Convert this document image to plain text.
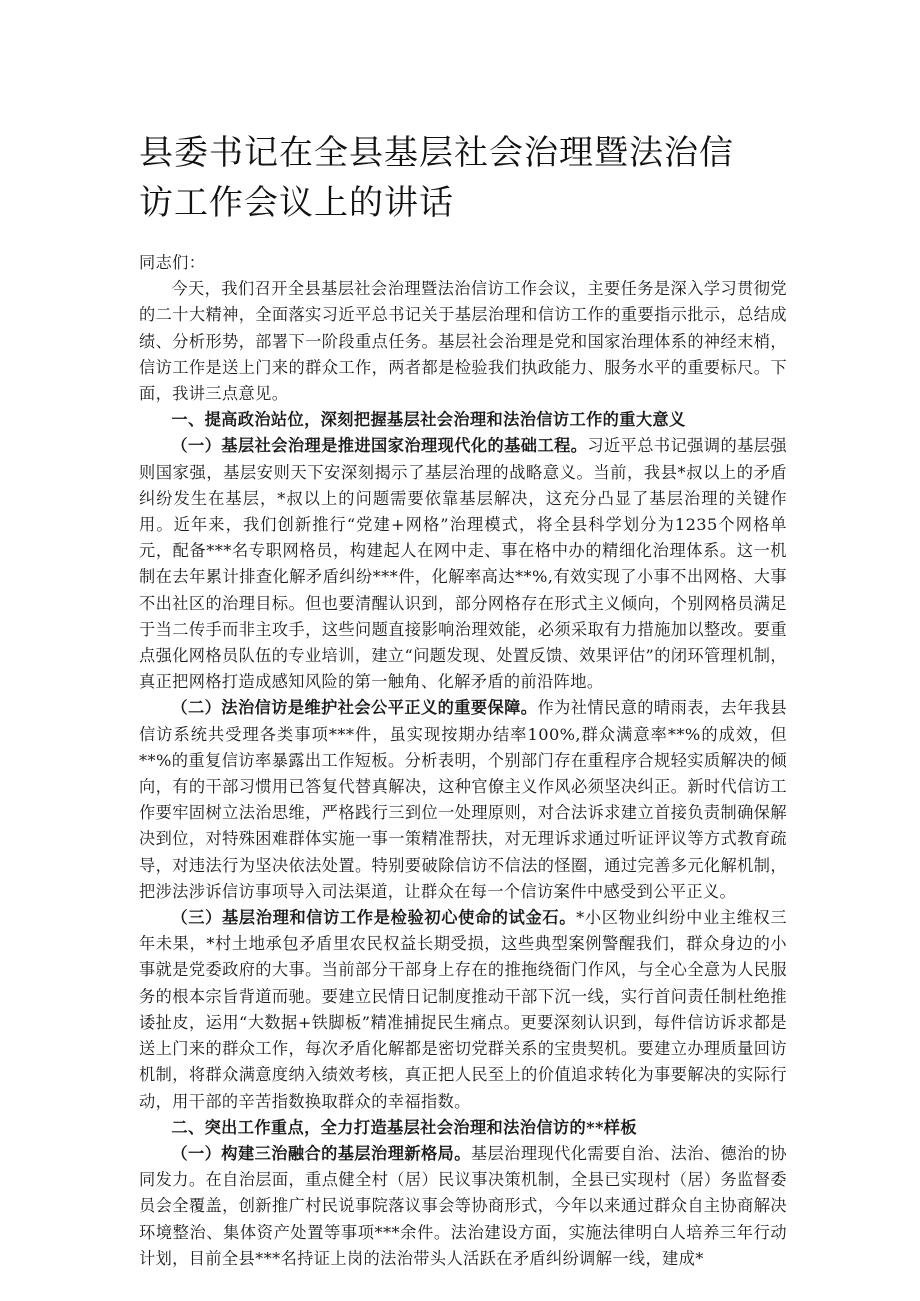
县委书记在全县基层社会治理暨法治信访工作会议上的讲话

同志们：

今天，我们召开全县基层社会治理暨法治信访工作会议，主要任务是深入学习贯彻党的二十大精神，全面落实习近平总书记关于基层治理和信访工作的重要指示批示，总结成绩、分析形势，部署下一阶段重点任务。基层社会治理是党和国家治理体系的神经末梢，信访工作是送上门来的群众工作，两者都是检验我们执政能力、服务水平的重要标尺。下面，我讲三点意见。

一、提高政治站位，深刻把握基层社会治理和法治信访工作的重大意义

（一）基层社会治理是推进国家治理现代化的基础工程。习近平总书记强调的基层强则国家强，基层安则天下安深刻揭示了基层治理的战略意义。当前，我县*叔以上的矛盾纠纷发生在基层，*叔以上的问题需要依靠基层解决，这充分凸显了基层治理的关键作用。近年来，我们创新推行“党建+网格”治理模式，将全县科学划分为1235个网格单元，配备***名专职网格员，构建起人在网中走、事在格中办的精细化治理体系。这一机制在去年累计排查化解矛盾纠纷***件，化解率高达**%,有效实现了小事不出网格、大事不出社区的治理目标。但也要清醒认识到，部分网格存在形式主义倾向，个别网格员满足于当二传手而非主攻手，这些问题直接影响治理效能，必须采取有力措施加以整改。要重点强化网格员队伍的专业培训，建立“问题发现、处置反馈、效果评估”的闭环管理机制，真正把网格打造成感知风险的第一触角、化解矛盾的前沿阵地。

（二）法治信访是维护社会公平正义的重要保障。作为社情民意的晴雨表，去年我县信访系统共受理各类事项***件，虽实现按期办结率100%,群众满意率**%的成效，但**%的重复信访率暴露出工作短板。分析表明，个别部门存在重程序合规轻实质解决的倾向，有的干部习惯用已答复代替真解决，这种官僚主义作风必须坚决纠正。新时代信访工作要牢固树立法治思维，严格践行三到位一处理原则，对合法诉求建立首接负责制确保解决到位，对特殊困难群体实施一事一策精准帮扶，对无理诉求通过听证评议等方式教育疏导，对违法行为坚决依法处置。特别要破除信访不信法的怪圈，通过完善多元化解机制，把涉法涉诉信访事项导入司法渠道，让群众在每一个信访案件中感受到公平正义。

（三）基层治理和信访工作是检验初心使命的试金石。*小区物业纠纷中业主维权三年未果，*村土地承包矛盾里农民权益长期受损，这些典型案例警醒我们，群众身边的小事就是党委政府的大事。当前部分干部身上存在的推拖绕衙门作风，与全心全意为人民服务的根本宗旨背道而驰。要建立民情日记制度推动干部下沉一线，实行首问责任制杜绝推诿扯皮，运用“大数据+铁脚板”精准捕捉民生痛点。更要深刻认识到，每件信访诉求都是送上门来的群众工作，每次矛盾化解都是密切党群关系的宝贵契机。要建立办理质量回访机制，将群众满意度纳入绩效考核，真正把人民至上的价值追求转化为事要解决的实际行动，用干部的辛苦指数换取群众的幸福指数。

二、突出工作重点，全力打造基层社会治理和法治信访的**样板

（一）构建三治融合的基层治理新格局。基层治理现代化需要自治、法治、德治的协同发力。在自治层面，重点健全村（居）民议事决策机制，全县已实现村（居）务监督委员会全覆盖，创新推广村民说事院落议事会等协商形式，今年以来通过群众自主协商解决环境整治、集体资产处置等事项***余件。法治建设方面，实施法律明白人培养三年行动计划，目前全县***名持证上岗的法治带头人活跃在矛盾纠纷调解一线，建成*
